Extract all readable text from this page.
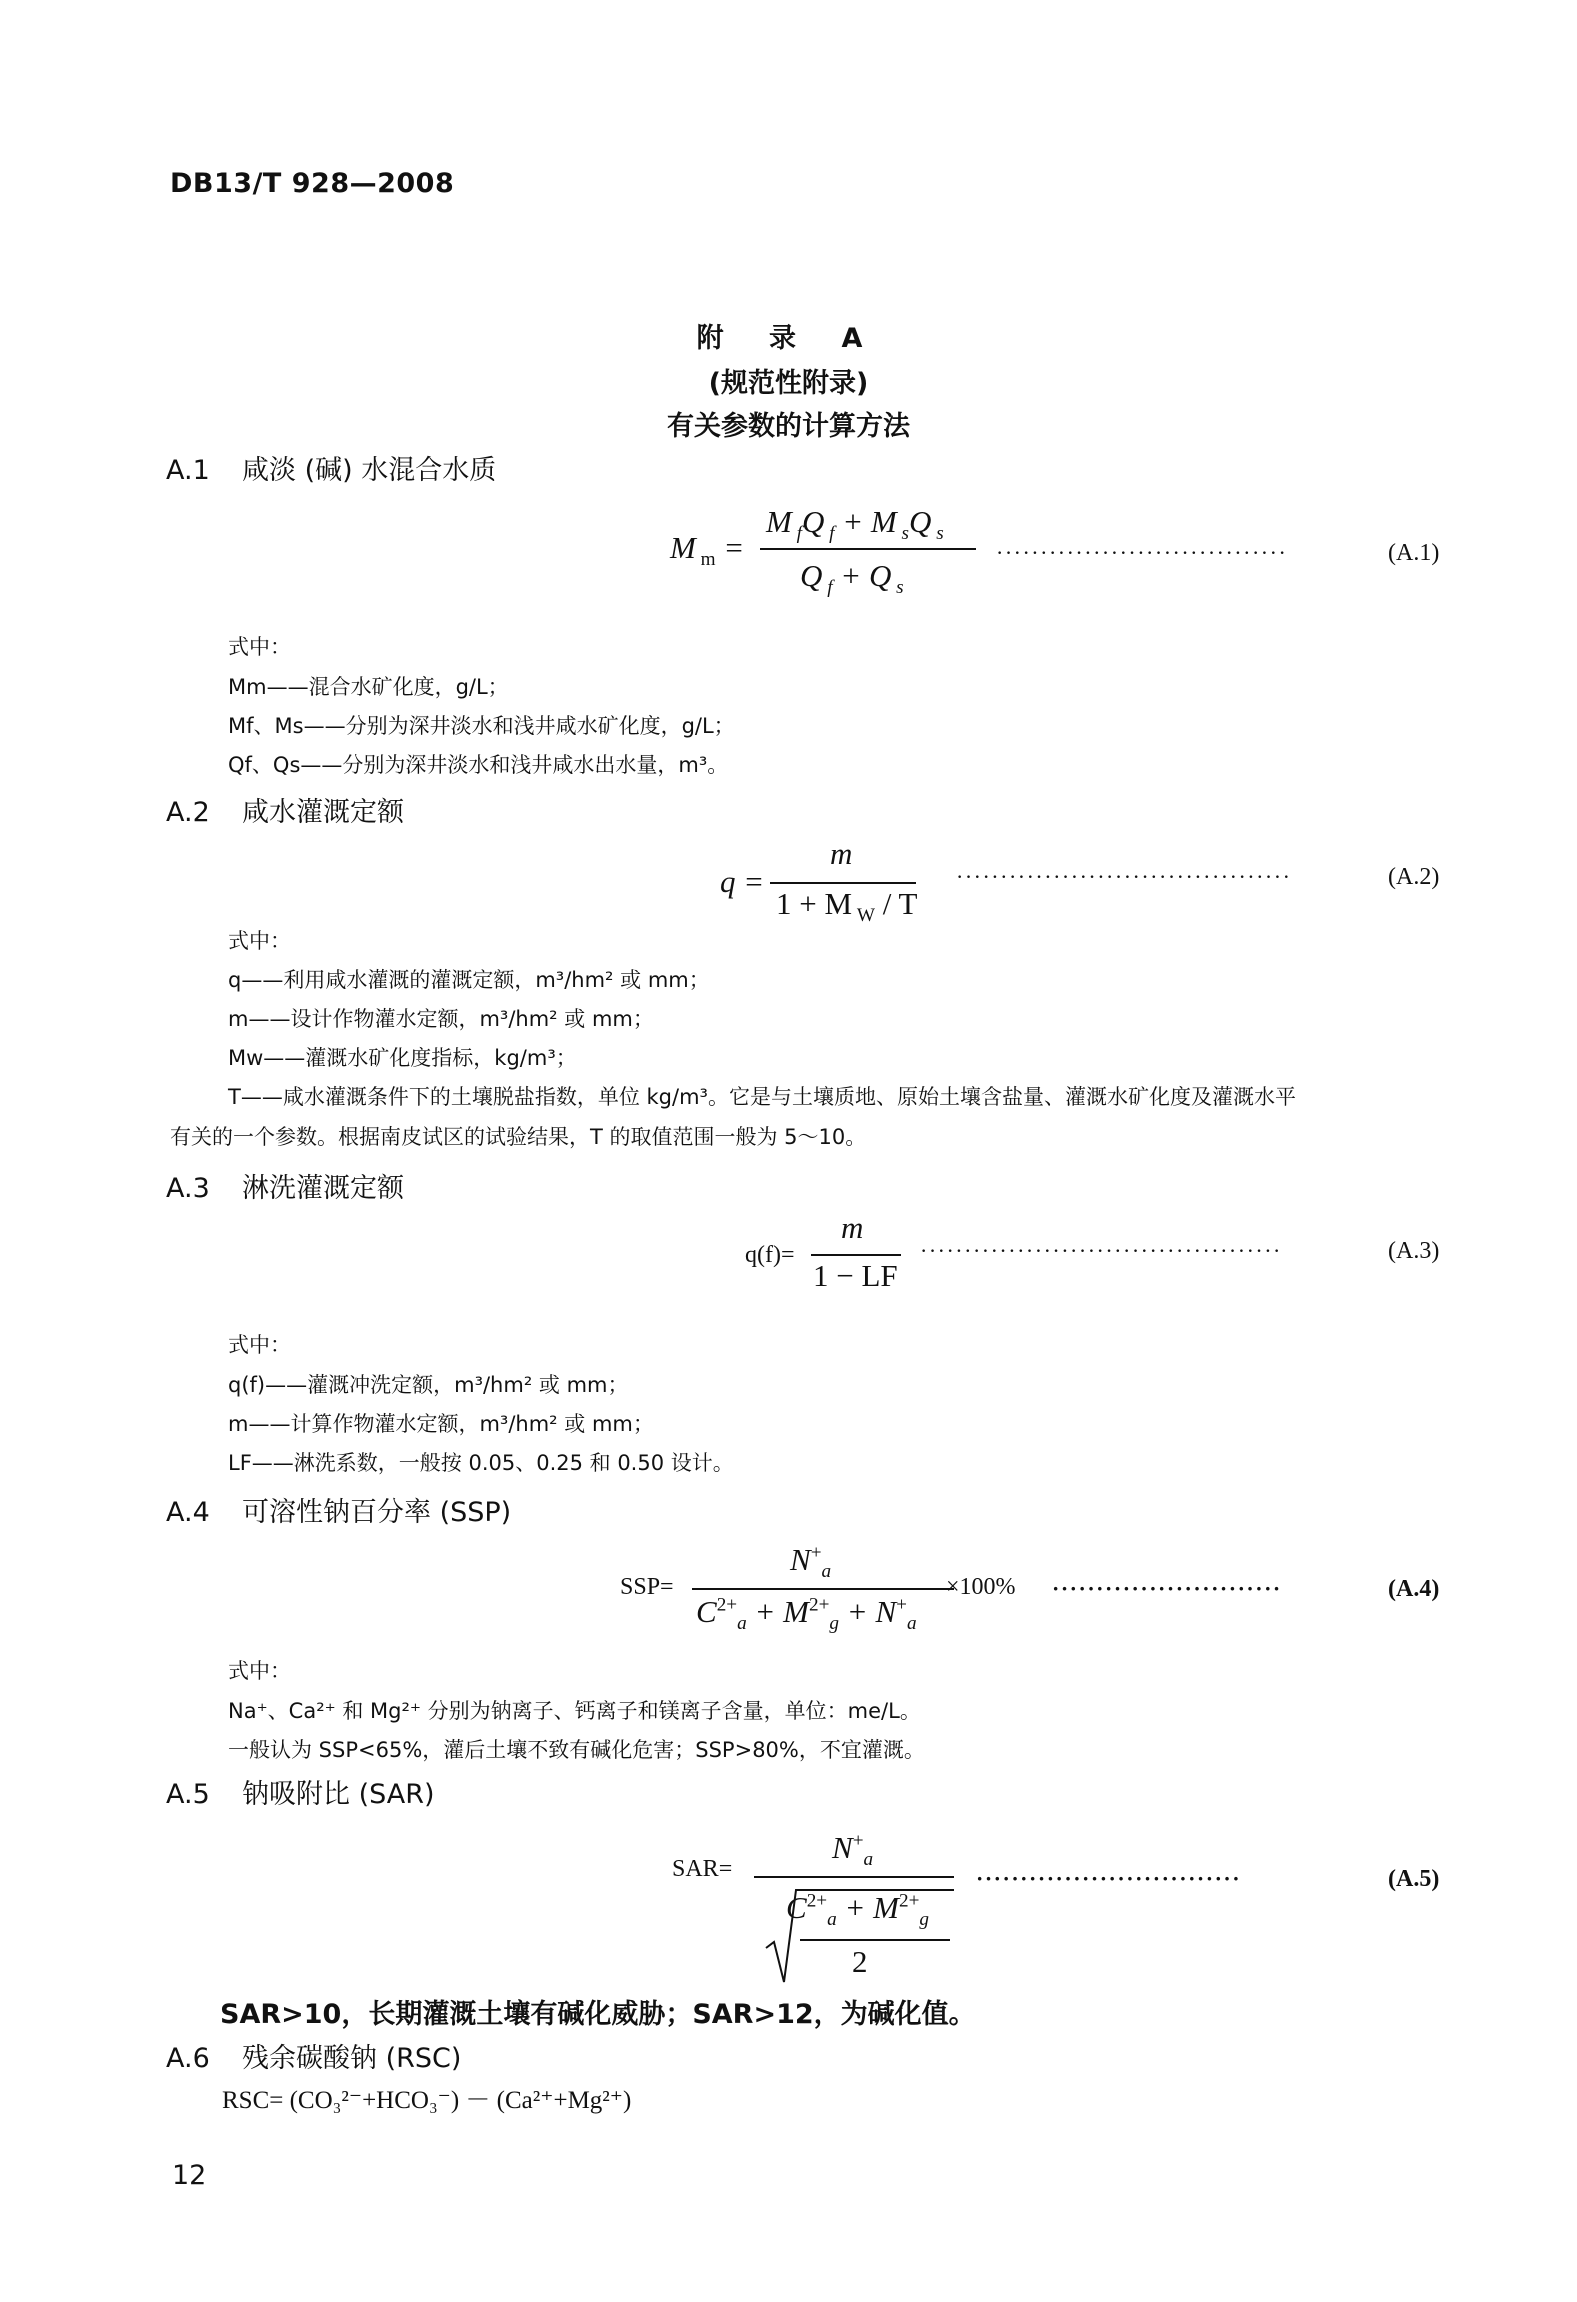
DB13/T 928—2008
附 录 A
(规范性附录)
有关参数的计算方法
A.1 咸淡 (碱) 水混合水质
M $_m$ =
M $_f$Q $_f$ + M $_s$Q $_s$
Q $_f$ + Q $_s$
·································	(A.1)
式中：
Mm——混合水矿化度，g/L；
Mf、Ms——分别为深井淡水和浅井咸水矿化度，g/L；
Qf、Qs——分别为深井淡水和浅井咸水出水量，m³。
A.2 咸水灌溉定额
q =
m
1 + M $_W$ / T
······································	(A.2)
式中：
q——利用咸水灌溉的灌溉定额，m³/hm² 或 mm；
m——设计作物灌水定额，m³/hm² 或 mm；
Mw——灌溉水矿化度指标，kg/m³；
T——咸水灌溉条件下的土壤脱盐指数，单位 kg/m³。它是与土壤质地、原始土壤含盐量、灌溉水矿化度及灌溉水平
有关的一个参数。根据南皮试区的试验结果，T 的取值范围一般为 5～10。
A.3 淋洗灌溉定额
q(f)=
m
1 − LF
·········································	(A.3)
式中：
q(f)——灌溉冲洗定额，m³/hm² 或 mm；
m——计算作物灌水定额，m³/hm² 或 mm；
LF——淋洗系数，一般按 0.05、0.25 和 0.50 设计。
A.4 可溶性钠百分率 (SSP)
SSP=
$N^+_a$
$C^{2+}_a + M^{2+}_g + N^+_a$
×100% ··························	(A.4)
式中：
Na⁺、Ca²⁺ 和 Mg²⁺ 分别为钠离子、钙离子和镁离子含量，单位：me/L。
一般认为 SSP<65%，灌后土壤不致有碱化危害；SSP>80%，不宜灌溉。
A.5 钠吸附比 (SAR)
SAR=
$N^+_a$
$C^{2+}_a + M^{2+}_g$
2
······························	(A.5)
SAR>10，长期灌溉土壤有碱化威胁；SAR>12，为碱化值。
A.6 残余碳酸钠 (RSC)
RSC= (CO₃²⁻+HCO₃⁻) － (Ca²⁺+Mg²⁺)
12
